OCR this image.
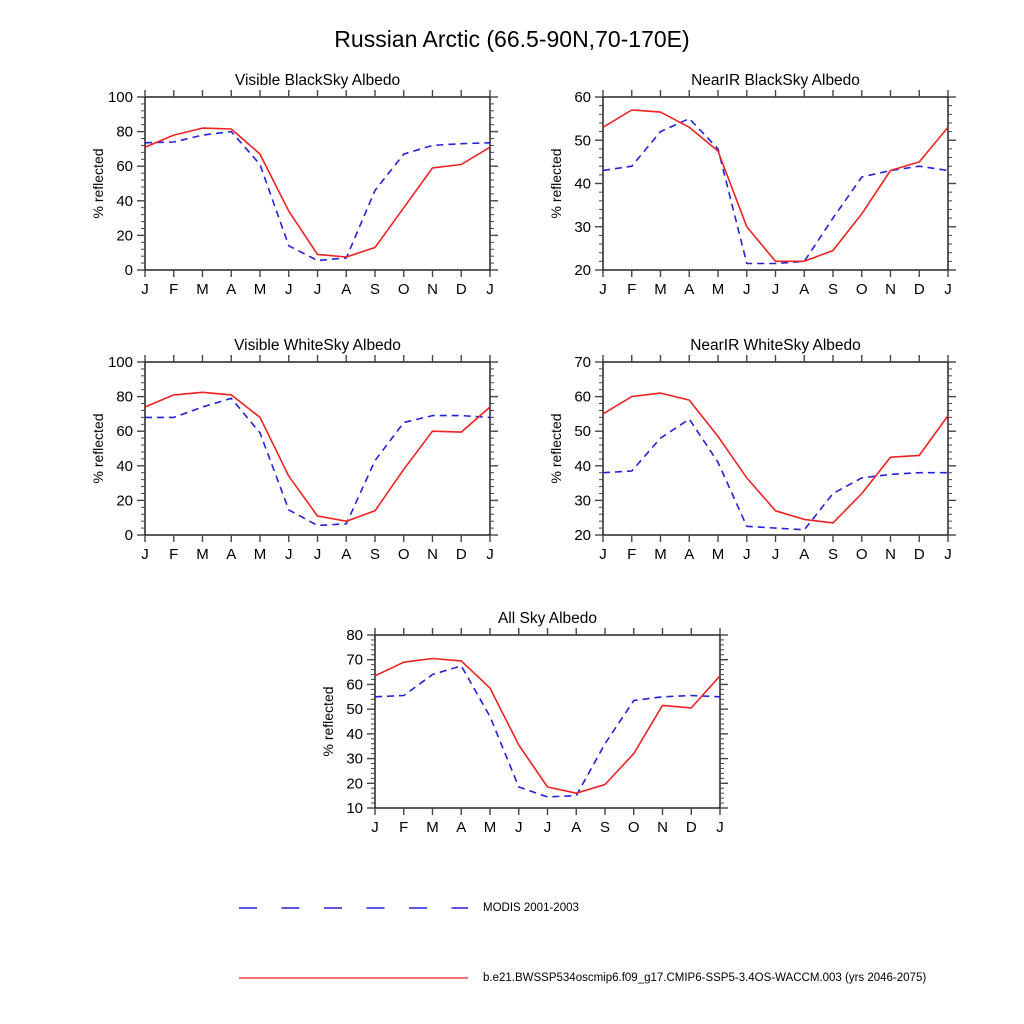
Russian Arctic (66.5-90N,70-170E)
J F M A M J J A S O N D J
0
20
40
60
80
100
Visible BlackSky Albedo
% reflected
J F M A M J J A S O N D J
20
30
40
50
60
NearIR BlackSky Albedo
% reflected
J F M A M J J A S O N D J
0
20
40
60
80
100
Visible WhiteSky Albedo
% reflected
J F M A M J J A S O N D J
20
30
40
50
60
70
NearIR WhiteSky Albedo
% reflected
J F M A M J J A S O N D J
10
20
30
40
50
60
70
80
All Sky Albedo
% reflected
MODIS 2001-2003
b.e21.BWSSP534oscmip6.f09_g17.CMIP6-SSP5-3.4OS-WACCM.003 (yrs 2046-2075)
